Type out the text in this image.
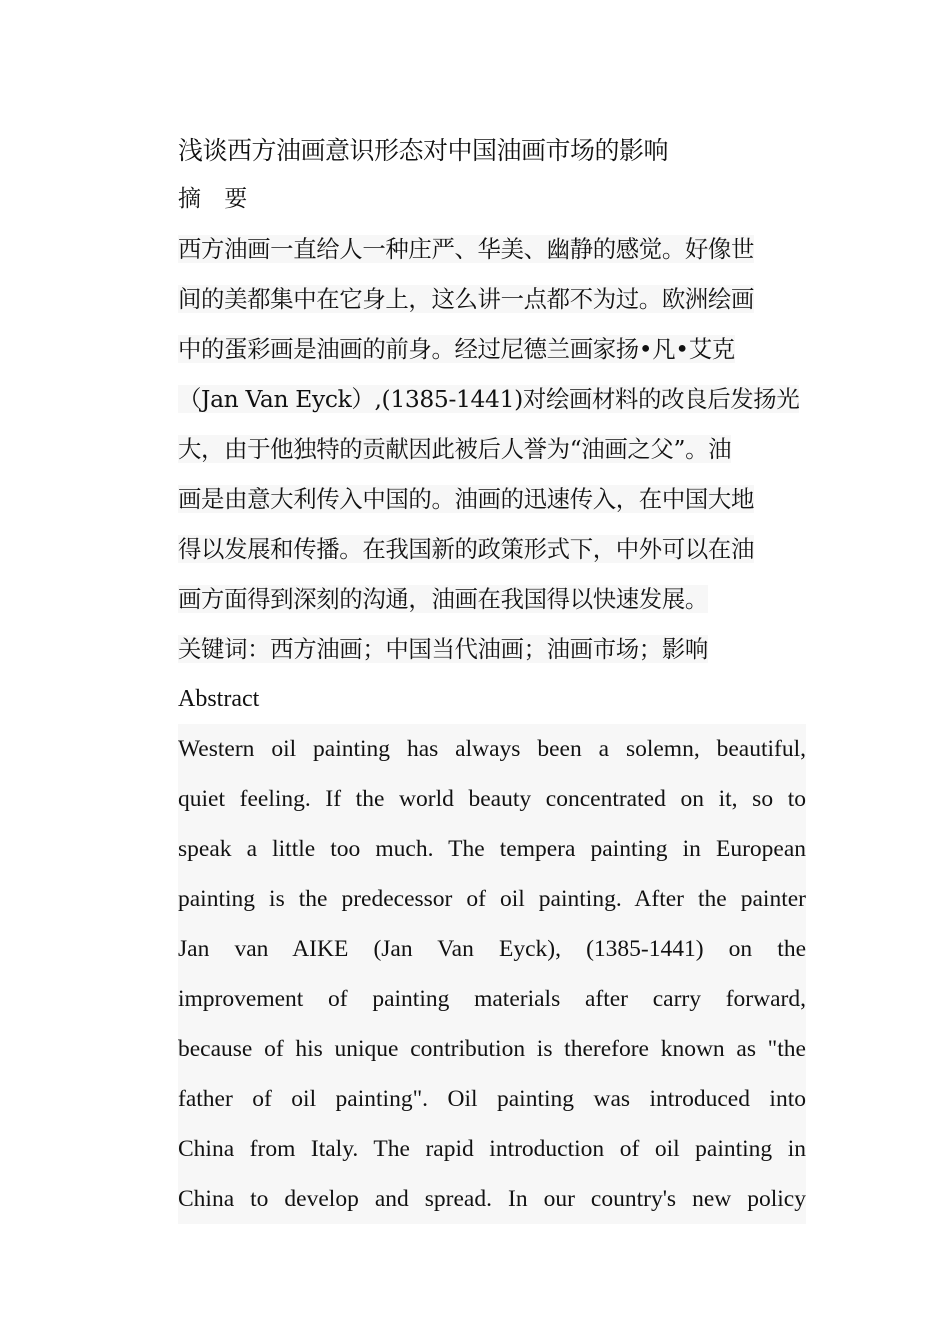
浅谈西方油画意识形态对中国油画市场的影响
摘 要
西方油画一直给人一种庄严、华美、幽静的感觉。好像世
间的美都集中在它身上，这么讲一点都不为过。欧洲绘画
中的蛋彩画是油画的前身。经过尼德兰画家扬•凡•艾克
（Jan Van Eyck）,(1385-1441)对绘画材料的改良后发扬光
大，由于他独特的贡献因此被后人誉为“油画之父”。油
画是由意大利传入中国的。油画的迅速传入，在中国大地
得以发展和传播。在我国新的政策形式下，中外可以在油
画方面得到深刻的沟通，油画在我国得以快速发展。
关键词：西方油画；中国当代油画；油画市场；影响
Abstract
Western oil painting has always been a solemn, beautiful,
quiet feeling. If the world beauty concentrated on it, so to
speak a little too much. The tempera painting in European
painting is the predecessor of oil painting. After the painter
Jan van AIKE (Jan Van Eyck), (1385-1441) on the
improvement of painting materials after carry forward,
because of his unique contribution is therefore known as "the
father of oil painting". Oil painting was introduced into
China from Italy. The rapid introduction of oil painting in
China to develop and spread. In our country's new policy
